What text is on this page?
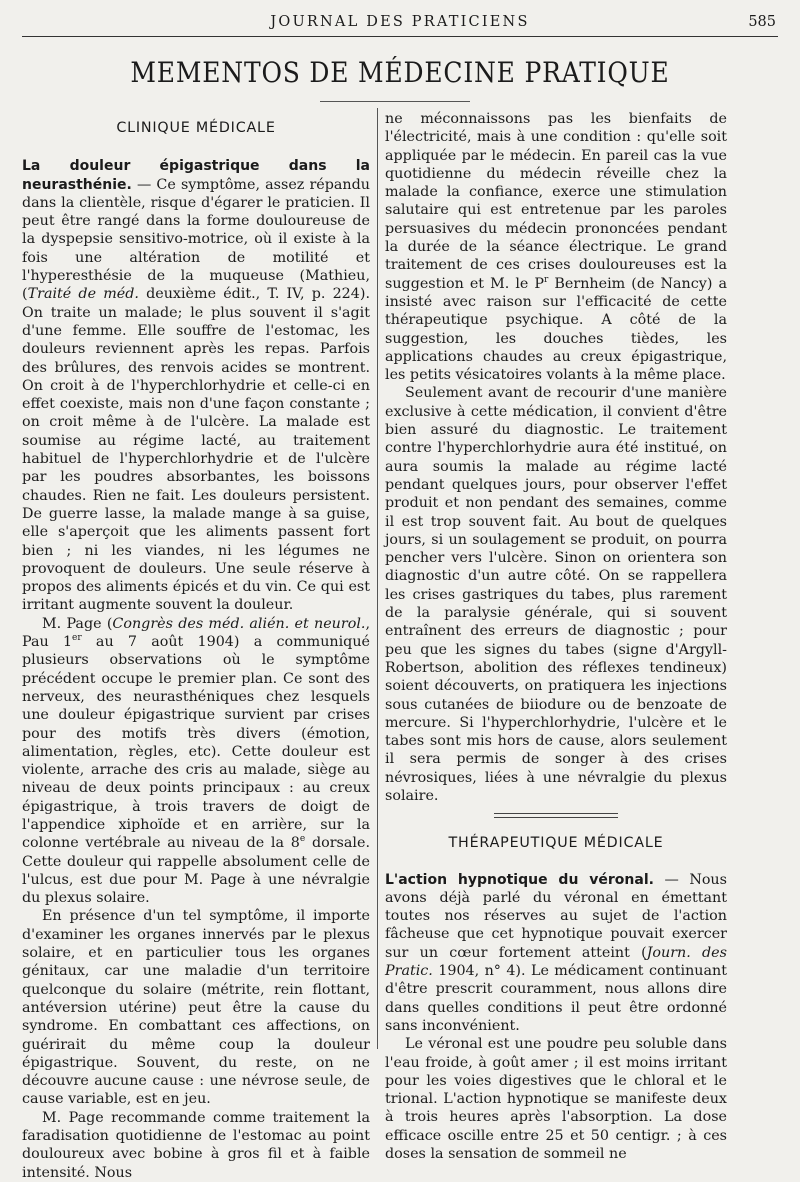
JOURNAL DES PRATICIENS	585
MEMENTOS DE MÉDECINE PRATIQUE
CLINIQUE MÉDICALE

La douleur épigastrique dans la neurasthénie. — Ce symptôme, assez répandu dans la clientèle, risque d'égarer le praticien. Il peut être rangé dans la forme douloureuse de la dyspepsie sensitivo-motrice, où il existe à la fois une altération de motilité et l'hyperesthésie de la muqueuse (Mathieu, (Traité de méd. deuxième édit., T. IV, p. 224). On traite un malade; le plus souvent il s'agit d'une femme. Elle souffre de l'estomac, les douleurs reviennent après les repas. Parfois des brûlures, des renvois acides se montrent. On croit à de l'hyperchlorhydrie et celle-ci en effet coexiste, mais non d'une façon constante ; on croit même à de l'ulcère. La malade est soumise au régime lacté, au traitement habituel de l'hyperchlorhydrie et de l'ulcère par les poudres absorbantes, les boissons chaudes. Rien ne fait. Les douleurs persistent. De guerre lasse, la malade mange à sa guise, elle s'aperçoit que les aliments passent fort bien ; ni les viandes, ni les légumes ne provoquent de douleurs. Une seule réserve à propos des aliments épicés et du vin. Ce qui est irritant augmente souvent la douleur.

M. Page (Congrès des méd. alién. et neurol., Pau 1er au 7 août 1904) a communiqué plusieurs observations où le symptôme précédent occupe le premier plan. Ce sont des nerveux, des neurasthéniques chez lesquels une douleur épigastrique survient par crises pour des motifs très divers (émotion, alimentation, règles, etc). Cette douleur est violente, arrache des cris au malade, siège au niveau de deux points principaux : au creux épigastrique, à trois travers de doigt de l'appendice xiphoïde et en arrière, sur la colonne vertébrale au niveau de la 8e dorsale. Cette douleur qui rappelle absolument celle de l'ulcus, est due pour M. Page à une névralgie du plexus solaire.

En présence d'un tel symptôme, il importe d'examiner les organes innervés par le plexus solaire, et en particulier tous les organes génitaux, car une maladie d'un territoire quelconque du solaire (métrite, rein flottant, antéversion utérine) peut être la cause du syndrome. En combattant ces affections, on guérirait du même coup la douleur épigastrique. Souvent, du reste, on ne découvre aucune cause : une névrose seule, de cause variable, est en jeu.

M. Page recommande comme traitement la faradisation quotidienne de l'estomac au point douloureux avec bobine à gros fil et à faible intensité. Nous

ne méconnaissons pas les bienfaits de l'électricité, mais à une condition : qu'elle soit appliquée par le médecin. En pareil cas la vue quotidienne du médecin réveille chez la malade la confiance, exerce une stimulation salutaire qui est entretenue par les paroles persuasives du médecin prononcées pendant la durée de la séance électrique. Le grand traitement de ces crises douloureuses est la suggestion et M. le $P^r$ Bernheim (de Nancy) a insisté avec raison sur l'efficacité de cette thérapeutique psychique. A côté de la suggestion, les douches tièdes, les applications chaudes au creux épigastrique, les petits vésicatoires volants à la même place.

Seulement avant de recourir d'une manière exclusive à cette médication, il convient d'être bien assuré du diagnostic. Le traitement contre l'hyperchlorhydrie aura été institué, on aura soumis la malade au régime lacté pendant quelques jours, pour observer l'effet produit et non pendant des semaines, comme il est trop souvent fait. Au bout de quelques jours, si un soulagement se produit, on pourra pencher vers l'ulcère. Sinon on orientera son diagnostic d'un autre côté. On se rappellera les crises gastriques du tabes, plus rarement de la paralysie générale, qui si souvent entraînent des erreurs de diagnostic ; pour peu que les signes du tabes (signe d'Argyll-Robertson, abolition des réflexes tendineux) soient découverts, on pratiquera les injections sous cutanées de biiodure ou de benzoate de mercure. Si l'hyperchlorhydrie, l'ulcère et le tabes sont mis hors de cause, alors seulement il sera permis de songer à des crises névrosiques, liées à une névralgie du plexus solaire.

THÉRAPEUTIQUE MÉDICALE

L'action hypnotique du véronal. — Nous avons déjà parlé du véronal en émettant toutes nos réserves au sujet de l'action fâcheuse que cet hypnotique pouvait exercer sur un cœur fortement atteint (Journ. des Pratic. 1904, n° 4). Le médicament continuant d'être prescrit couramment, nous allons dire dans quelles conditions il peut être ordonné sans inconvénient.

Le véronal est une poudre peu soluble dans l'eau froide, à goût amer ; il est moins irritant pour les voies digestives que le chloral et le trional. L'action hypnotique se manifeste deux à trois heures après l'absorption. La dose efficace oscille entre 25 et 50 centigr. ; à ces doses la sensation de sommeil ne
